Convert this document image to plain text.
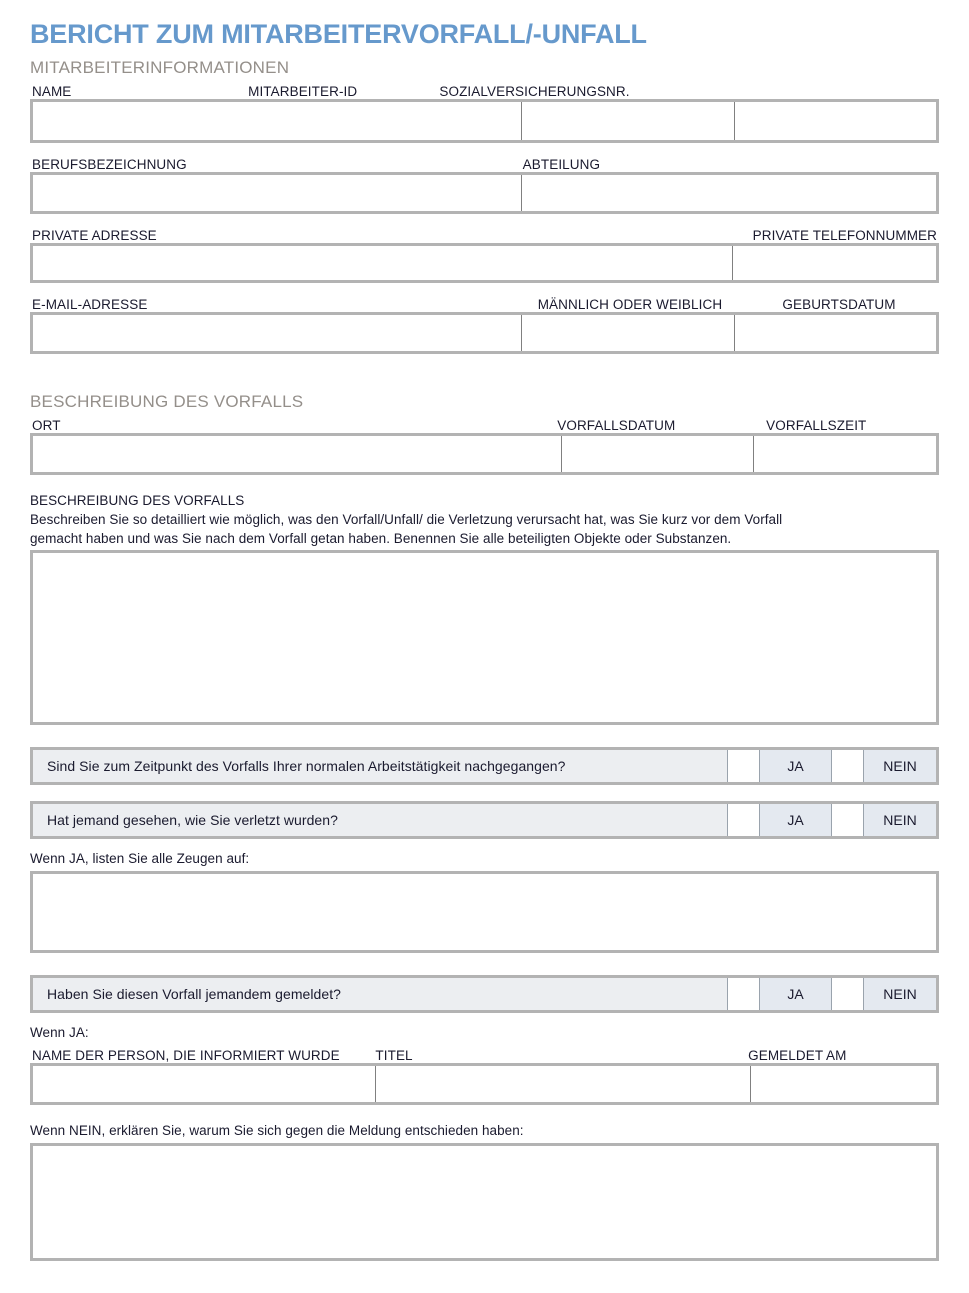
BERICHT ZUM MITARBEITERVORFALL/-UNFALL
MITARBEITERINFORMATIONEN
NAME	MITARBEITER-ID	SOZIALVERSICHERUNGSNR.
BERUFSBEZEICHNUNG	ABTEILUNG
PRIVATE ADRESSE	PRIVATE TELEFONNUMMER
E-MAIL-ADRESSE	MÄNNLICH ODER WEIBLICH	GEBURTSDATUM
BESCHREIBUNG DES VORFALLS
ORT	VORFALLSDATUM	VORFALLSZEIT
BESCHREIBUNG DES VORFALLS
Beschreiben Sie so detailliert wie möglich, was den Vorfall/Unfall/ die Verletzung verursacht hat, was Sie kurz vor dem Vorfall
gemacht haben und was Sie nach dem Vorfall getan haben. Benennen Sie alle beteiligten Objekte oder Substanzen.
Sind Sie zum Zeitpunkt des Vorfalls Ihrer normalen Arbeitstätigkeit nachgegangen?	JA	NEIN
Hat jemand gesehen, wie Sie verletzt wurden?	JA	NEIN
Wenn JA, listen Sie alle Zeugen auf:
Haben Sie diesen Vorfall jemandem gemeldet?	JA	NEIN
Wenn JA:
NAME DER PERSON, DIE INFORMIERT WURDE	TITEL	GEMELDET AM
Wenn NEIN, erklären Sie, warum Sie sich gegen die Meldung entschieden haben:
